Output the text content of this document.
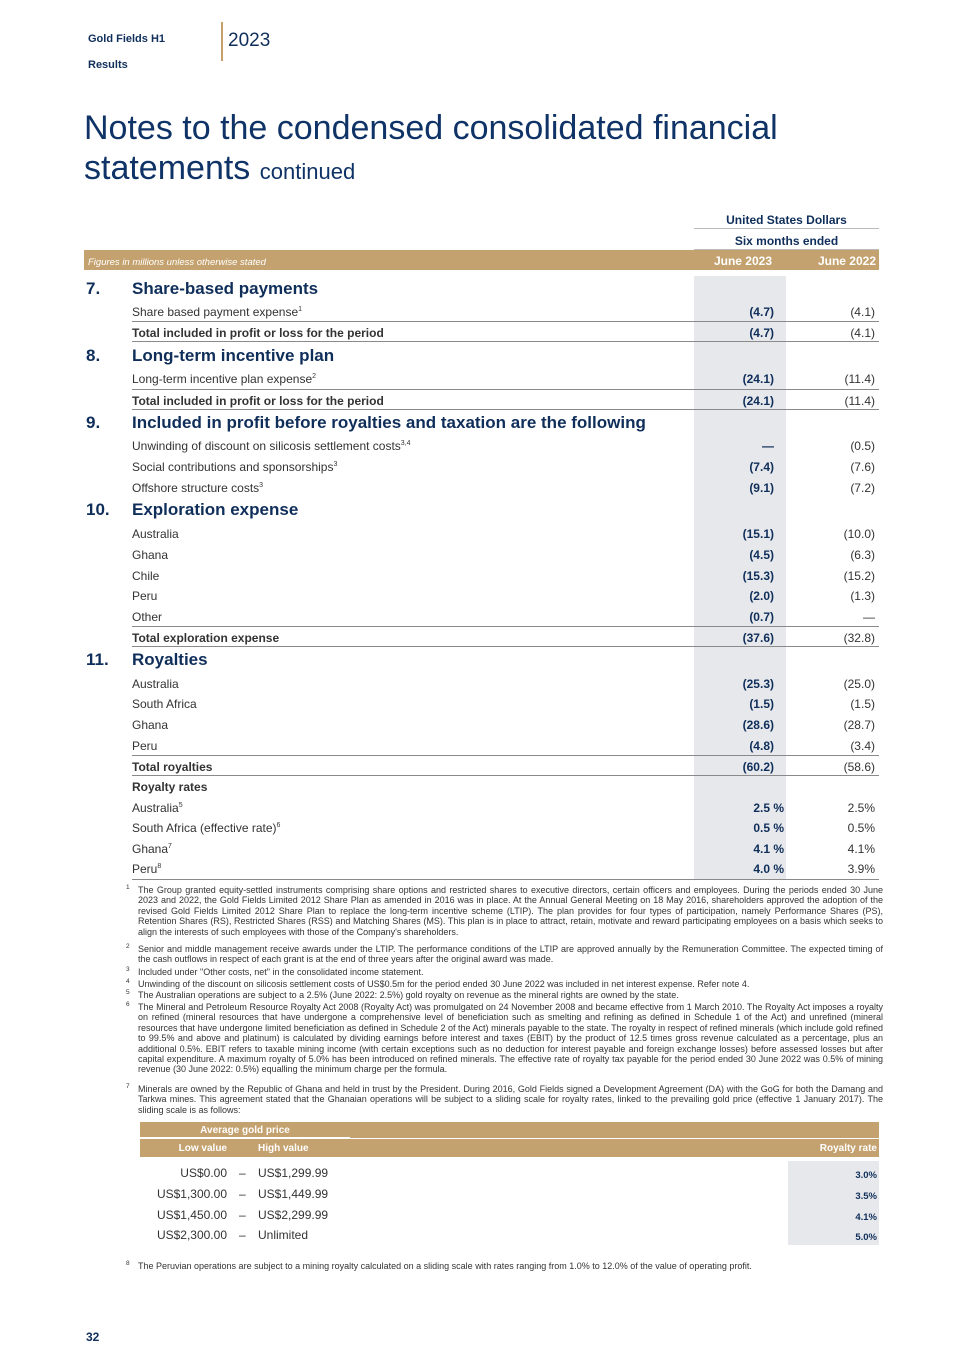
Gold Fields H1
Results
2023
Notes to the condensed consolidated financial statements continued
United States Dollars
Six months ended
Figures in millions unless otherwise stated	June 2023	June 2022
7. Share-based payments
Share based payment expense$^1$	(4.7)	(4.1)
Total included in profit or loss for the period	(4.7)	(4.1)
8. Long-term incentive plan
Long-term incentive plan expense$^2$	(24.1)	(11.4)
Total included in profit or loss for the period	(24.1)	(11.4)
9. Included in profit before royalties and taxation are the following
Unwinding of discount on silicosis settlement costs$^{3,4}$	—	(0.5)
Social contributions and sponsorships$^3$	(7.4)	(7.6)
Offshore structure costs$^3$	(9.1)	(7.2)
10. Exploration expense
Australia	(15.1)	(10.0)
Ghana	(4.5)	(6.3)
Chile	(15.3)	(15.2)
Peru	(2.0)	(1.3)
Other	(0.7)	—
Total exploration expense	(37.6)	(32.8)
11. Royalties
Australia	(25.3)	(25.0)
South Africa	(1.5)	(1.5)
Ghana	(28.6)	(28.7)
Peru	(4.8)	(3.4)
Total royalties	(60.2)	(58.6)
Royalty rates
Australia$^5$	2.5 %	2.5%
South Africa (effective rate)$^6$	0.5 %	0.5%
Ghana$^7$	4.1 %	4.1%
Peru$^8$	4.0 %	3.9%
1 The Group granted equity-settled instruments comprising share options and restricted shares to executive directors, certain officers and employees. During the periods ended 30 June 2023 and 2022, the Gold Fields Limited 2012 Share Plan as amended in 2016 was in place. At the Annual General Meeting on 18 May 2016, shareholders approved the adoption of the revised Gold Fields Limited 2012 Share Plan to replace the long-term incentive scheme (LTIP). The plan provides for four types of participation, namely Performance Shares (PS), Retention Shares (RS), Restricted Shares (RSS) and Matching Shares (MS). This plan is in place to attract, retain, motivate and reward participating employees on a basis which seeks to align the interests of such employees with those of the Company's shareholders.
2 Senior and middle management receive awards under the LTIP. The performance conditions of the LTIP are approved annually by the Remuneration Committee. The expected timing of the cash outflows in respect of each grant is at the end of three years after the original award was made.
3 Included under "Other costs, net" in the consolidated income statement.
4 Unwinding of the discount on silicosis settlement costs of US$0.5m for the period ended 30 June 2022 was included in net interest expense. Refer note 4.
5 The Australian operations are subject to a 2.5% (June 2022: 2.5%) gold royalty on revenue as the mineral rights are owned by the state.
6 The Mineral and Petroleum Resource Royalty Act 2008 (Royalty Act) was promulgated on 24 November 2008 and became effective from 1 March 2010. The Royalty Act imposes a royalty on refined (mineral resources that have undergone a comprehensive level of beneficiation such as smelting and refining as defined in Schedule 1 of the Act) and unrefined (mineral resources that have undergone limited beneficiation as defined in Schedule 2 of the Act) minerals payable to the state. The royalty in respect of refined minerals (which include gold refined to 99.5% and above and platinum) is calculated by dividing earnings before interest and taxes (EBIT) by the product of 12.5 times gross revenue calculated as a percentage, plus an additional 0.5%. EBIT refers to taxable mining income (with certain exceptions such as no deduction for interest payable and foreign exchange losses) before assessed losses but after capital expenditure. A maximum royalty of 5.0% has been introduced on refined minerals. The effective rate of royalty tax payable for the period ended 30 June 2022 was 0.5% of mining revenue (30 June 2022: 0.5%) equalling the minimum charge per the formula.
7 Minerals are owned by the Republic of Ghana and held in trust by the President. During 2016, Gold Fields signed a Development Agreement (DA) with the GoG for both the Damang and Tarkwa mines. This agreement stated that the Ghanaian operations will be subject to a sliding scale for royalty rates, linked to the prevailing gold price (effective 1 January 2017). The sliding scale is as follows:
Average gold price
Low value	High value	Royalty rate
US$0.00 – US$1,299.99	3.0%
US$1,300.00 – US$1,449.99	3.5%
US$1,450.00 – US$2,299.99	4.1%
US$2,300.00 – Unlimited	5.0%
8 The Peruvian operations are subject to a mining royalty calculated on a sliding scale with rates ranging from 1.0% to 12.0% of the value of operating profit.
32
